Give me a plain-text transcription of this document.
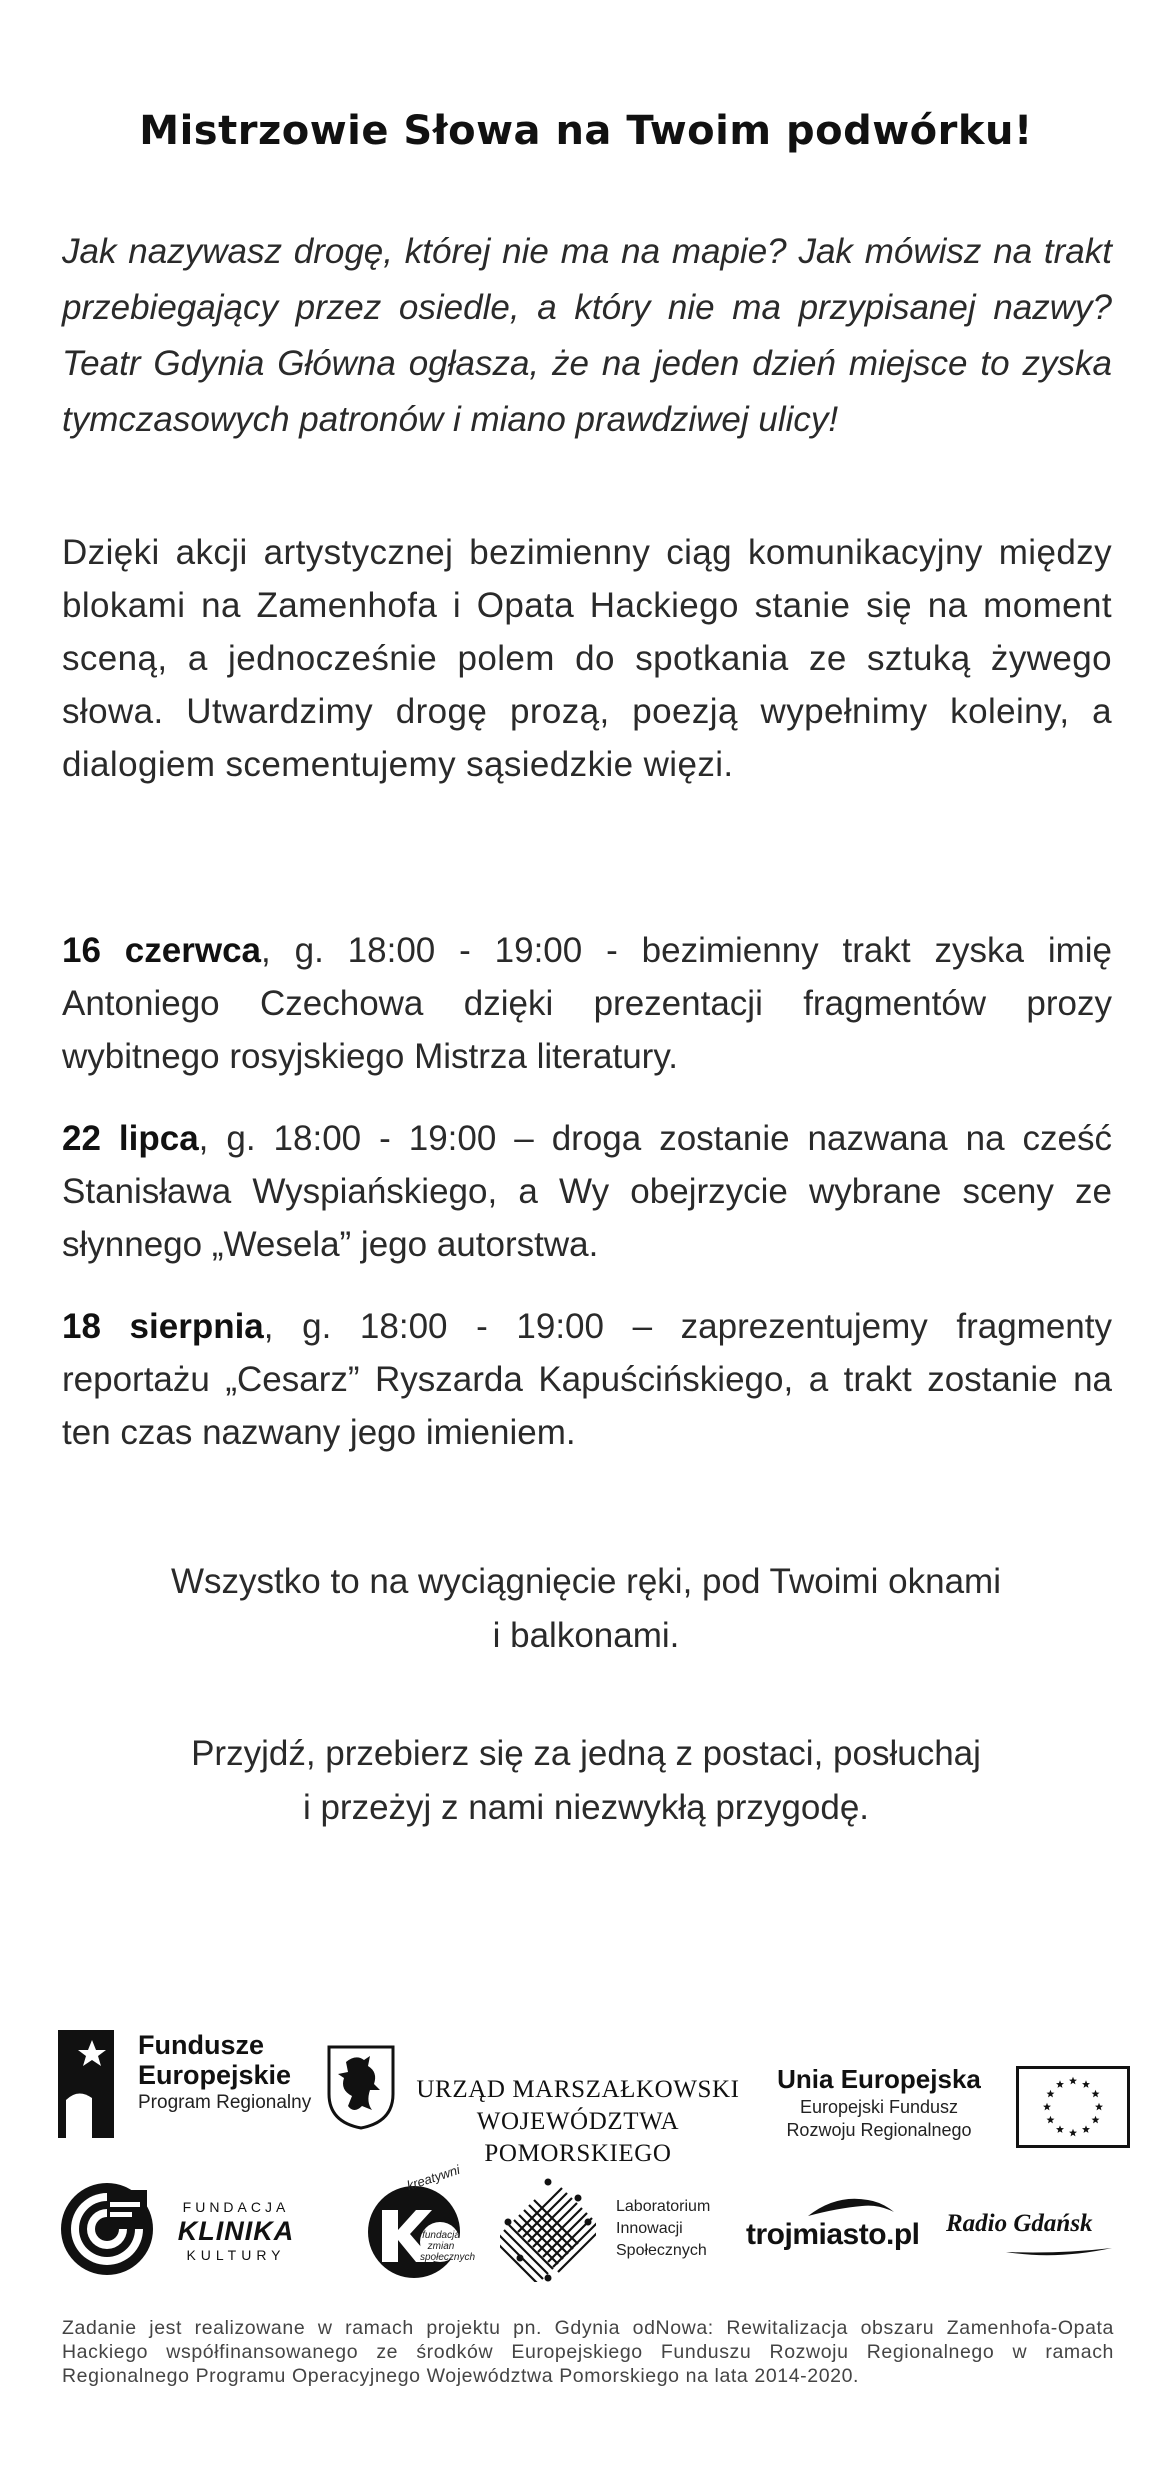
Mistrzowie Słowa na Twoim podwórku!

Jak nazywasz drogę, której nie ma na mapie? Jak mówisz na trakt przebiegający przez osiedle, a który nie ma przypisanej nazwy? Teatr Gdynia Główna ogłasza, że na jeden dzień miejsce to zyska tymczasowych patronów i miano prawdziwej ulicy!

Dzięki akcji artystycznej bezimienny ciąg komunikacyjny między blokami na Zamenhofa i Opata Hackiego stanie się na moment sceną, a jednocześnie polem do spotkania ze sztuką żywego słowa. Utwardzimy drogę prozą, poezją wypełnimy koleiny, a dialogiem scementujemy sąsiedzkie więzi.

16 czerwca, g. 18:00 - 19:00 - bezimienny trakt zyska imię Antoniego Czechowa dzięki prezentacji fragmentów prozy wybitnego rosyjskiego Mistrza literatury.

22 lipca, g. 18:00 - 19:00 – droga zostanie nazwana na cześć Stanisława Wyspiańskiego, a Wy obejrzycie wybrane sceny ze słynnego „Wesela” jego autorstwa.

18 sierpnia, g. 18:00 - 19:00 – zaprezentujemy fragmenty reportażu „Cesarz” Ryszarda Kapuścińskiego, a trakt zostanie na ten czas nazwany jego imieniem.

Wszystko to na wyciągnięcie ręki, pod Twoimi oknami
i balkonami.

Przyjdź, przebierz się za jedną z postaci, posłuchaj
i przeżyj z nami niezwykłą przygodę.

Fundusze
Europejskie
Program Regionalny	URZĄD MARSZAŁKOWSKI
WOJEWÓDZTWA POMORSKIEGO
Unia Europejska
Europejski Fundusz
Rozwoju Regionalnego
FUNDACJA
KLINIKA
KULTURY
kreatywni
fundacja
zmian
społecznych
Laboratorium
Innowacji
Społecznych trojmiasto.pl Radio Gdańsk

Zadanie jest realizowane w ramach projektu pn. Gdynia odNowa: Rewitalizacja obszaru Zamenhofa-Opata Hackiego współfinansowanego ze środków Europejskiego Funduszu Rozwoju Regionalnego w ramach Regionalnego Programu Operacyjnego Województwa Pomorskiego na lata 2014-2020.
